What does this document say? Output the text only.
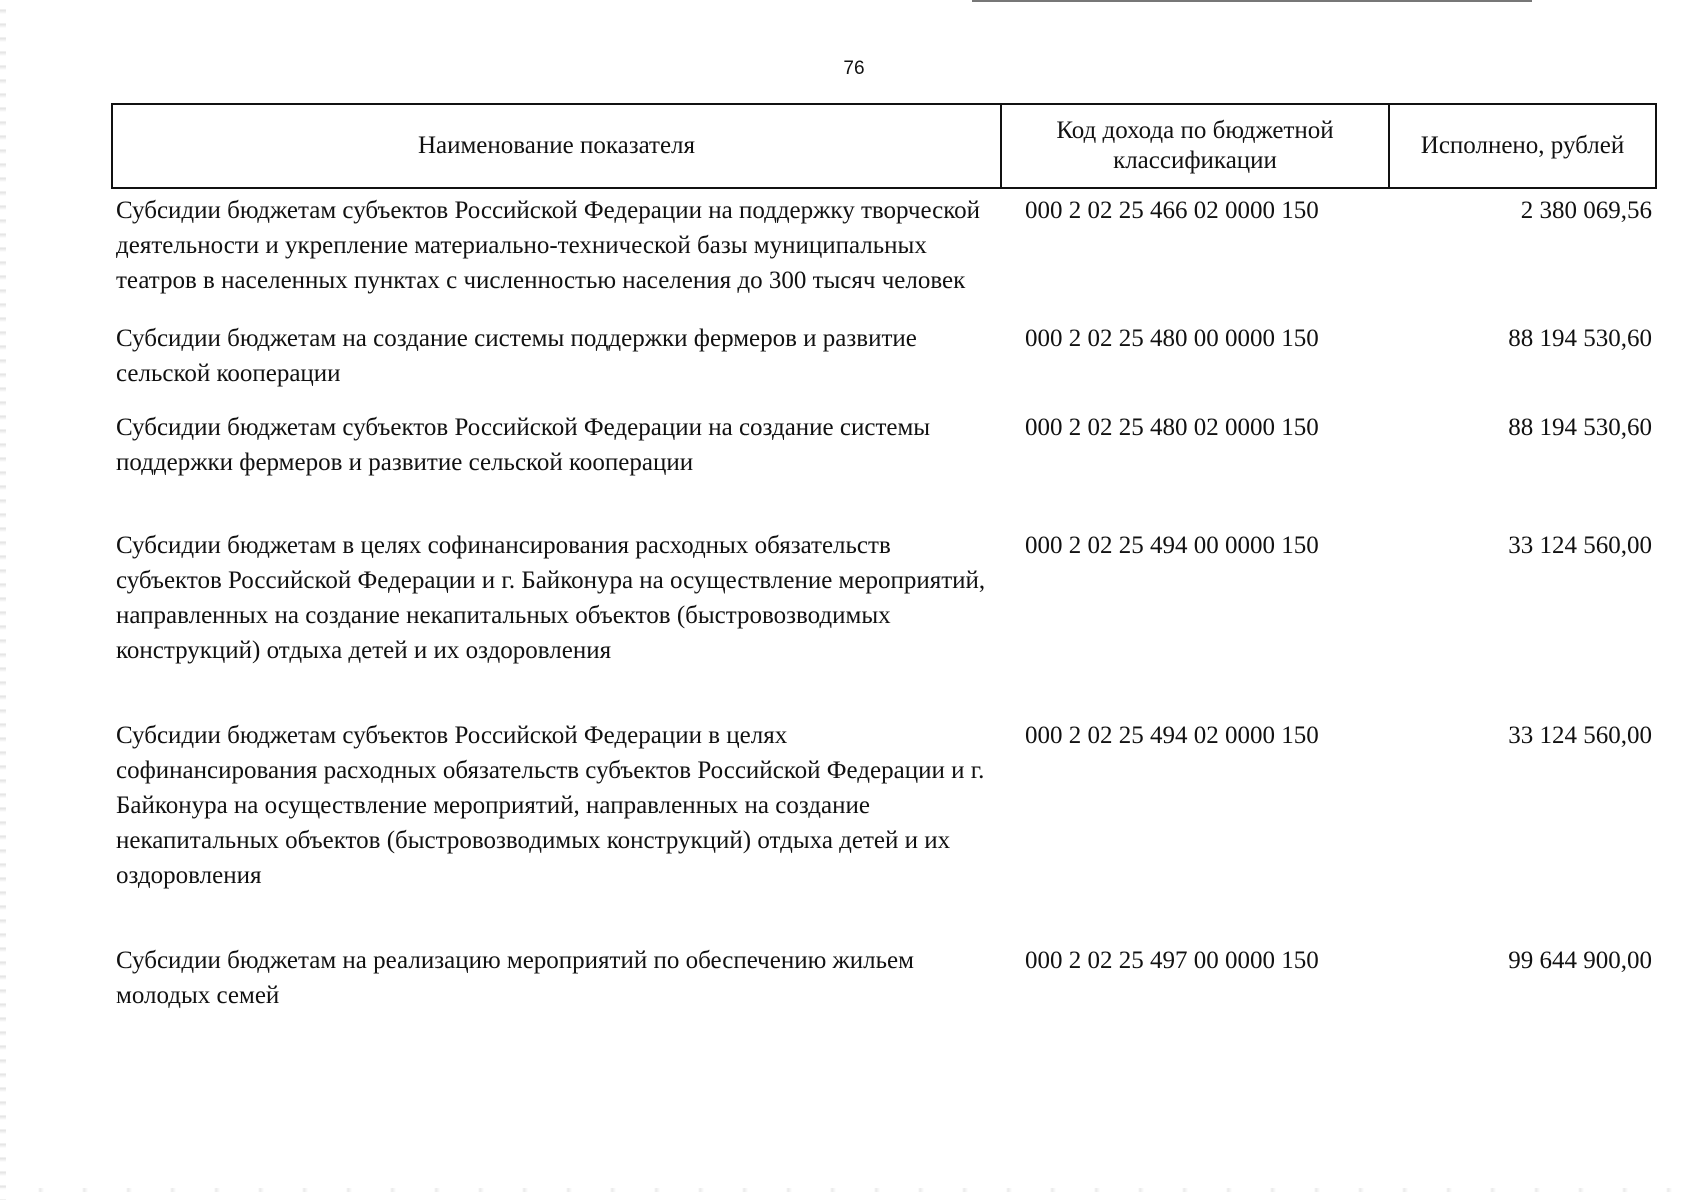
76
Наименование показателя	Код дохода по бюджетной классификации	Исполнено, рублей
Субсидии бюджетам субъектов Российской Федерации на поддержку творческой деятельности и укрепление материально-технической базы муниципальных театров в населенных пунктах с численностью населения до 300 тысяч человек	000 2 02 25 466 02 0000 150	2 380 069,56
Субсидии бюджетам на создание системы поддержки фермеров и развитие сельской кооперации	000 2 02 25 480 00 0000 150	88 194 530,60
Субсидии бюджетам субъектов Российской Федерации на создание системы поддержки фермеров и развитие сельской кооперации	000 2 02 25 480 02 0000 150	88 194 530,60
Субсидии бюджетам в целях софинансирования расходных обязательств субъектов Российской Федерации и г. Байконура на осуществление мероприятий, направленных на создание некапитальных объектов (быстровозводимых конструкций) отдыха детей и их оздоровления	000 2 02 25 494 00 0000 150	33 124 560,00
Субсидии бюджетам субъектов Российской Федерации в целях софинансирования расходных обязательств субъектов Российской Федерации и г. Байконура на осуществление мероприятий, направленных на создание некапитальных объектов (быстровозводимых конструкций) отдыха детей и их оздоровления	000 2 02 25 494 02 0000 150	33 124 560,00
Субсидии бюджетам на реализацию мероприятий по обеспечению жильем молодых семей	000 2 02 25 497 00 0000 150	99 644 900,00
